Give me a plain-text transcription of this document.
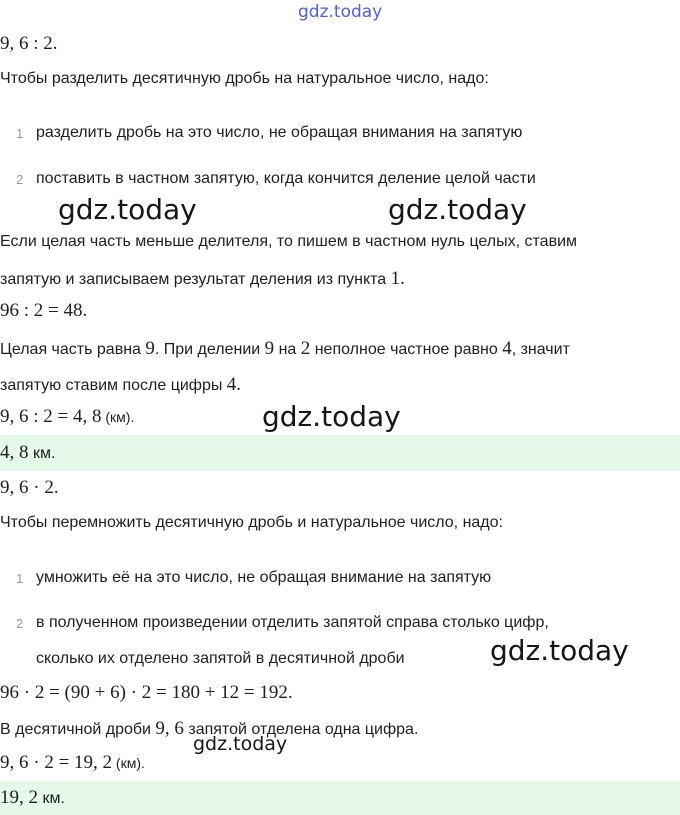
gdz.today
gdz.today	gdz.today
gdz.today
gdz.today
gdz.today
9, 6 : 2.
Чтобы разделить десятичную дробь на натуральное число, надо:
1 разделить дробь на это число, не обращая внимания на запятую
2 поставить в частном запятую, когда кончится деление целой части
Если целая часть меньше делителя, то пишем в частном нуль целых, ставим
запятую и записываем результат деления из пункта 1.
96 : 2 = 48.
Целая часть равна 9. При делении 9 на 2 неполное частное равно 4, значит
запятую ставим после цифры 4.
9, 6 : 2 = 4, 8 (км).
4, 8 км.
9, 6 · 2.
Чтобы перемножить десятичную дробь и натуральное число, надо:
1 умножить её на это число, не обращая внимание на запятую
2 в полученном произведении отделить запятой справа столько цифр,
сколько их отделено запятой в десятичной дроби
96 · 2 = (90 + 6) · 2 = 180 + 12 = 192.
В десятичной дроби 9, 6 запятой отделена одна цифра.
9, 6 · 2 = 19, 2 (км).
19, 2 км.
